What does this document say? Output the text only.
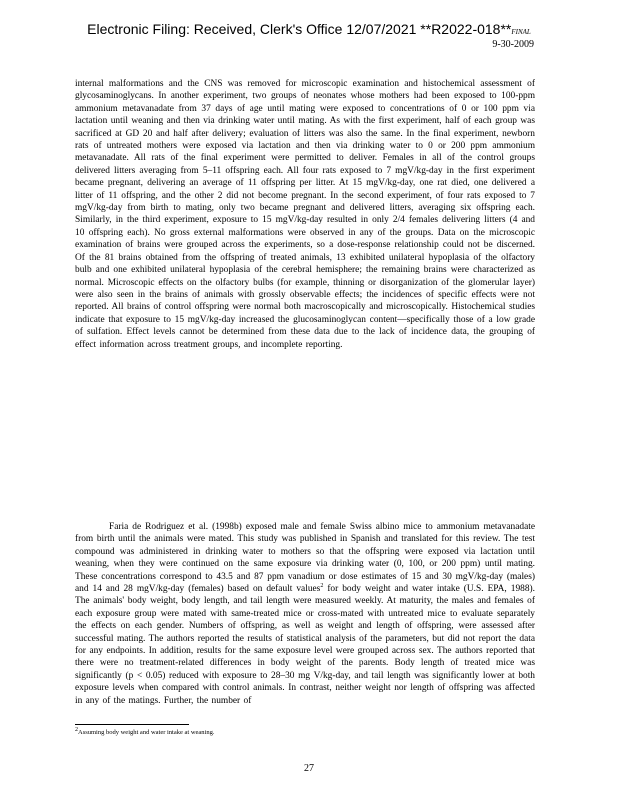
Electronic Filing: Received, Clerk's Office 12/07/2021 **R2022-018**FINAL
9-30-2009

internal malformations and the CNS was removed for microscopic examination and histochemical assessment of glycosaminoglycans. In another experiment, two groups of neonates whose mothers had been exposed to 100-ppm ammonium metavanadate from 37 days of age until mating were exposed to concentrations of 0 or 100 ppm via lactation until weaning and then via drinking water until mating. As with the first experiment, half of each group was sacrificed at GD 20 and half after delivery; evaluation of litters was also the same. In the final experiment, newborn rats of untreated mothers were exposed via lactation and then via drinking water to 0 or 200 ppm ammonium metavanadate. All rats of the final experiment were permitted to deliver. Females in all of the control groups delivered litters averaging from 5–11 offspring each. All four rats exposed to 7 mgV/kg-day in the first experiment became pregnant, delivering an average of 11 offspring per litter. At 15 mgV/kg-day, one rat died, one delivered a litter of 11 offspring, and the other 2 did not become pregnant. In the second experiment, of four rats exposed to 7 mgV/kg-day from birth to mating, only two became pregnant and delivered litters, averaging six offspring each. Similarly, in the third experiment, exposure to 15 mgV/kg-day resulted in only 2/4 females delivering litters (4 and 10 offspring each). No gross external malformations were observed in any of the groups. Data on the microscopic examination of brains were grouped across the experiments, so a dose-response relationship could not be discerned. Of the 81 brains obtained from the offspring of treated animals, 13 exhibited unilateral hypoplasia of the olfactory bulb and one exhibited unilateral hypoplasia of the cerebral hemisphere; the remaining brains were characterized as normal. Microscopic effects on the olfactory bulbs (for example, thinning or disorganization of the glomerular layer) were also seen in the brains of animals with grossly observable effects; the incidences of specific effects were not reported. All brains of control offspring were normal both macroscopically and microscopically. Histochemical studies indicate that exposure to 15 mgV/kg-day increased the glucosaminoglycan content—specifically those of a low grade of sulfation. Effect levels cannot be determined from these data due to the lack of incidence data, the grouping of effect information across treatment groups, and incomplete reporting.

Faria de Rodriguez et al. (1998b) exposed male and female Swiss albino mice to ammonium metavanadate from birth until the animals were mated. This study was published in Spanish and translated for this review. The test compound was administered in drinking water to mothers so that the offspring were exposed via lactation until weaning, when they were continued on the same exposure via drinking water (0, 100, or 200 ppm) until mating. These concentrations correspond to 43.5 and 87 ppm vanadium or dose estimates of 15 and 30 mgV/kg-day (males) and 14 and 28 mgV/kg-day (females) based on default values$^2$ for body weight and water intake (U.S. EPA, 1988). The animals' body weight, body length, and tail length were measured weekly. At maturity, the males and females of each exposure group were mated with same-treated mice or cross-mated with untreated mice to evaluate separately the effects on each gender. Numbers of offspring, as well as weight and length of offspring, were assessed after successful mating. The authors reported the results of statistical analysis of the parameters, but did not report the data for any endpoints. In addition, results for the same exposure level were grouped across sex. The authors reported that there were no treatment-related differences in body weight of the parents. Body length of treated mice was significantly (p < 0.05) reduced with exposure to 28–30 mg V/kg-day, and tail length was significantly lower at both exposure levels when compared with control animals. In contrast, neither weight nor length of offspring was affected in any of the matings. Further, the number of

$^2$Assuming body weight and water intake at weaning.
27
